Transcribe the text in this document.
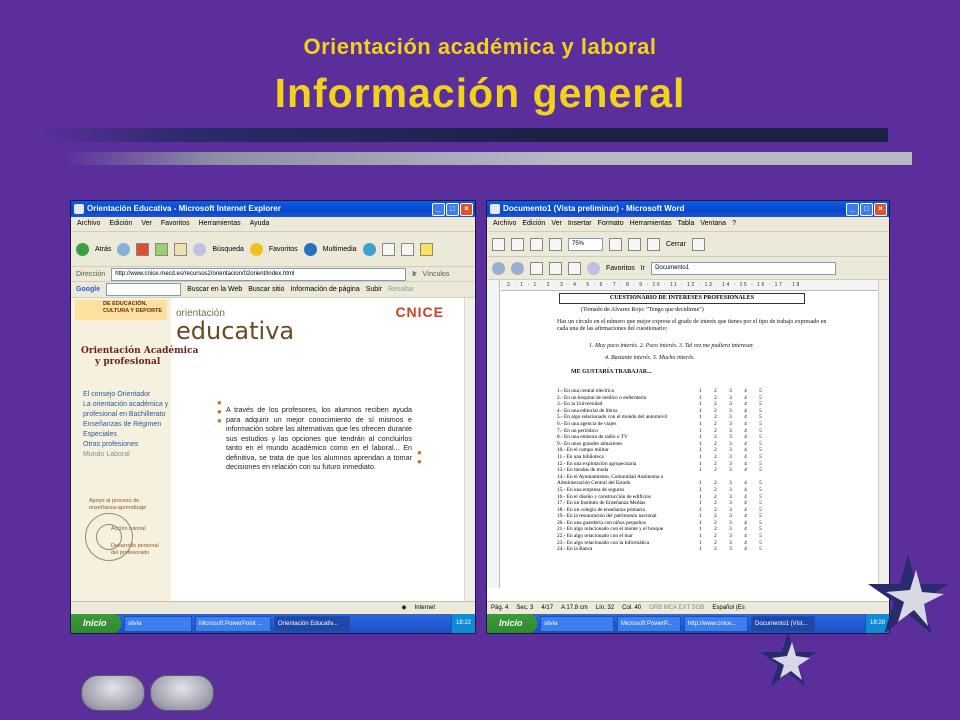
Orientación académica y laboral
Información general
Orientación Educativa - Microsoft Internet Explorer	_	□	×
Archivo Edición Ver Favoritos Herramientas Ayuda
Atrás	Búsqueda	Favoritos	Multimedia
Dirección	http://www.cnice.mecd.es/recursos2/orientacion/02orient/index.html	Ir Vínculos
Google	Buscar en la Web Buscar sitio Información de página Subir Resaltar
DE EDUCACIÓN, CULTURA Y DEPORTE	orientación
educativa
CNICE
Orientación Académica
y profesional
El consejo Orientador
La orientación académica y profesional en Bachillerato
Enseñanzas de Régimen Especiales
Otras profesiones
Mundo Laboral
Apoyo al proceso de enseñanza-aprendizaje
Acción tutorial
Desarrollo personal del profesorado
●
●
●
●
●
A través de los profesores, los alumnos reciben ayuda para adquirir un mejor conocimiento de sí mismos e información sobre las alternativas que les ofrecen durante sus estudios y las opciones que tendrán al concluirlos tanto en el mundo académico como en el laboral... En definitiva, se trata de que los alumnos aprendan a tomar decisiones en relación con su futuro inmediato.
◉ Internet
Inicio	silvia	Microsoft PowerPoint ...	Orientación Educativ...	18:22
Documento1 (Vista preliminar) - Microsoft Word	_	□	×
Archivo Edición Ver Insertar Formato Herramientas Tabla Ventana ?
75%	Cerrar
Favoritos Ir	Documento1
· 2 · 1 · 1 · 2 · 3 · 4 · 5 · 6 · 7 · 8 · 9 · 10 · 11 · 12 · 13 · 14 · 15 · 16 · 17 · 18
CUESTIONARIO DE INTERESES PROFESIONALES
(Tomado de Alvarez Rojo: "Tengo que decidirme")
Haz un círculo en el número que mejor exprese el grado de interés que tienes por el tipo de trabajo expresado en cada una de las afirmaciones del cuestionario:
1. Muy poco interés. 2. Poco interés. 3. Tal vez me pudiera interesar.
4. Bastante interés. 5. Mucho interés.
ME GUSTARÍA TRABAJAR...
1.- En una central eléctrica	1	2	3	4	5
2.- En un hospital de médico o enfermería	1	2	3	4	5
3.- En la Universidad	1	2	3	4	5
4.- En una editorial de libros	1	2	3	4	5
5.- En algo relacionado con el mundo del automóvil	1	2	3	4	5
6.- En una agencia de viajes	1	2	3	4	5
7.- En un periódico	1	2	3	4	5
8.- En una emisora de radio o TV	1	2	3	4	5
9.- En unos grandes almacenes	1	2	3	4	5
10.- En el campo militar	1	2	3	4	5
11.- En una biblioteca	1	2	3	4	5
12.- En una explotación agropecuaria	1	2	3	4	5
13.- En tiendas de moda	1	2	3	4	5
14.- En el Ayuntamiento, Comunidad Autónoma o
Administración Central del Estado	1	2	3	4	5
15.- En una empresa de seguros	1	2	3	4	5
16.- En el diseño y construcción de edificios	1	2	3	4	5
17.- En un Instituto de Enseñanza Medias	1	2	3	4	5
18.- En un colegio de enseñanza primaria	1	2	3	4	5
19.- En la restauración del patrimonio nacional	1	2	3	4	5
20.- En una guardería con niños pequeños	1	2	3	4	5
21.- En algo relacionado con el monte y el bosque	1	2	3	4	5
22.- En algo relacionado con el mar	1	2	3	4	5
23.- En algo relacionado con la Informática	1	2	3	4	5
24.- En la Banca	1	2	3	4	5
Pág. 4 Sec. 3 4/17 A 17,8 cm Lín. 32 Col. 40 GRB MCA EXT SOB Español (Es
Inicio	silvia	Microsoft PowerP...	http://www.cnice...	Documento1 (Vist...	18:28
